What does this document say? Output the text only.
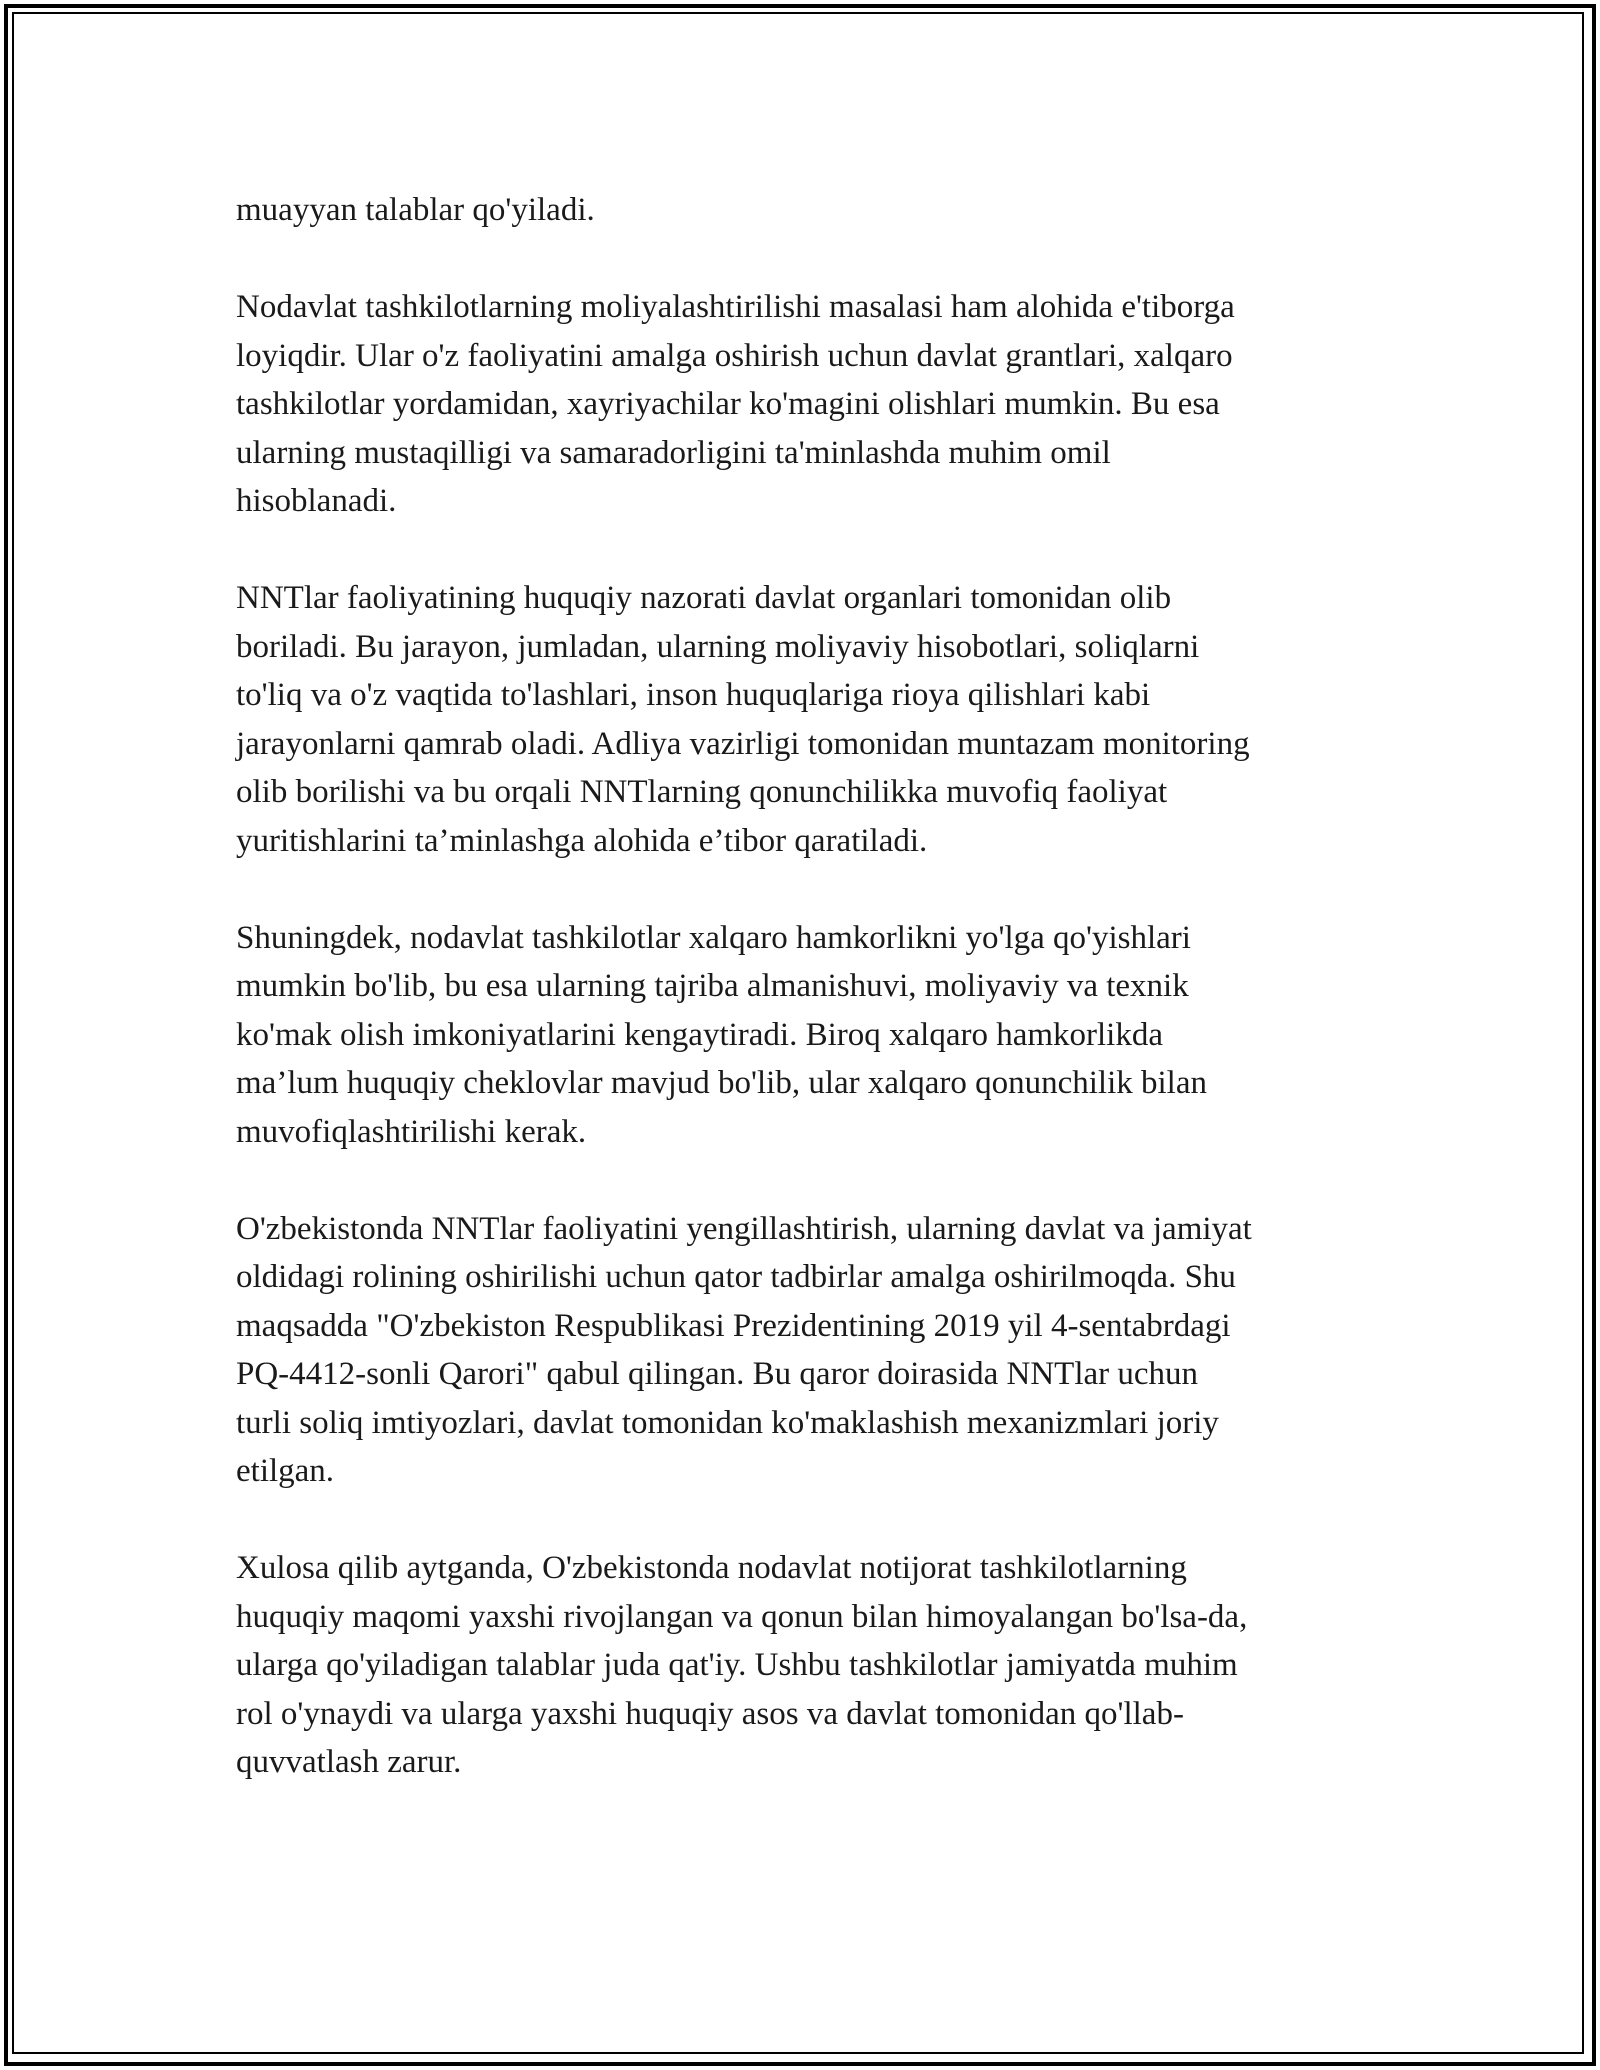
muayyan talablar qo'yiladi.

Nodavlat tashkilotlarning moliyalashtirilishi masalasi ham alohida e'tiborga
loyiqdir. Ular o'z faoliyatini amalga oshirish uchun davlat grantlari, xalqaro
tashkilotlar yordamidan, xayriyachilar ko'magini olishlari mumkin. Bu esa
ularning mustaqilligi va samaradorligini ta'minlashda muhim omil
hisoblanadi.

NNTlar faoliyatining huquqiy nazorati davlat organlari tomonidan olib
boriladi. Bu jarayon, jumladan, ularning moliyaviy hisobotlari, soliqlarni
to'liq va o'z vaqtida to'lashlari, inson huquqlariga rioya qilishlari kabi
jarayonlarni qamrab oladi. Adliya vazirligi tomonidan muntazam monitoring
olib borilishi va bu orqali NNTlarning qonunchilikka muvofiq faoliyat
yuritishlarini ta’minlashga alohida e’tibor qaratiladi.

Shuningdek, nodavlat tashkilotlar xalqaro hamkorlikni yo'lga qo'yishlari
mumkin bo'lib, bu esa ularning tajriba almanishuvi, moliyaviy va texnik
ko'mak olish imkoniyatlarini kengaytiradi. Biroq xalqaro hamkorlikda
ma’lum huquqiy cheklovlar mavjud bo'lib, ular xalqaro qonunchilik bilan
muvofiqlashtirilishi kerak.

O'zbekistonda NNTlar faoliyatini yengillashtirish, ularning davlat va jamiyat
oldidagi rolining oshirilishi uchun qator tadbirlar amalga oshirilmoqda. Shu
maqsadda "O'zbekiston Respublikasi Prezidentining 2019 yil 4-sentabrdagi
PQ-4412-sonli Qarori" qabul qilingan. Bu qaror doirasida NNTlar uchun
turli soliq imtiyozlari, davlat tomonidan ko'maklashish mexanizmlari joriy
etilgan.

Xulosa qilib aytganda, O'zbekistonda nodavlat notijorat tashkilotlarning
huquqiy maqomi yaxshi rivojlangan va qonun bilan himoyalangan bo'lsa-da,
ularga qo'yiladigan talablar juda qat'iy. Ushbu tashkilotlar jamiyatda muhim
rol o'ynaydi va ularga yaxshi huquqiy asos va davlat tomonidan qo'llab-
quvvatlash zarur.
